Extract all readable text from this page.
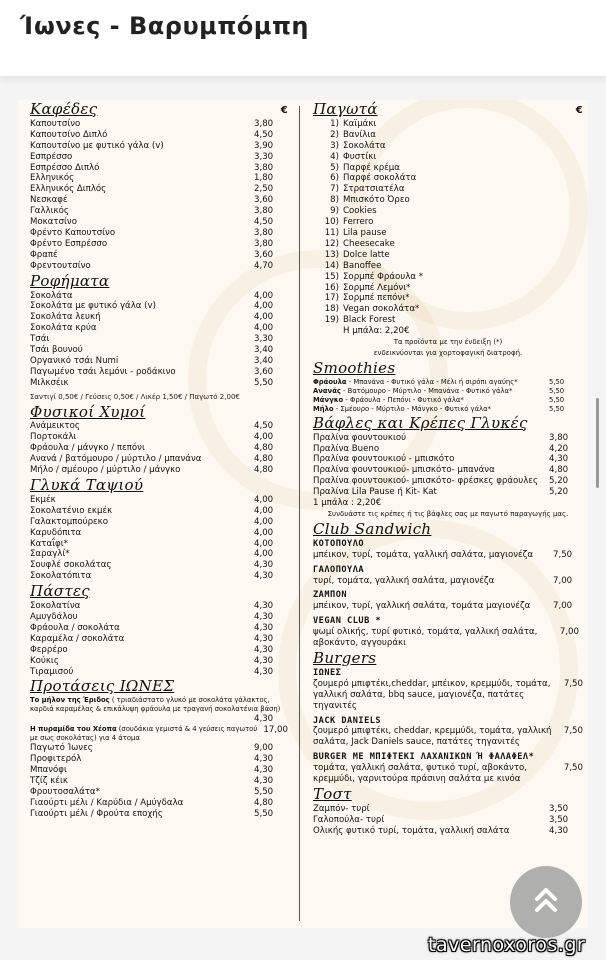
Ίωνες - Βαρυμπόμπη
Καφέδες	€
Καπουτσίνο	3,80
Καπουτσίνο Διπλό	4,50
Καπουτσίνο με φυτικό γάλα (v)	3,90
Εσπρέσσο	3,30
Εσπρέσσο Διπλό	3,80
Ελληνικός	1,80
Ελληνικός Διπλός	2,50
Νεσκαφέ	3,60
Γαλλικός	3,80
Μοκατσίνο	4,50
Φρέντο Καπουτσίνο	3,80
Φρέντο Εσπρέσσο	3,80
Φραπέ	3,60
Φρεντουτσίνο	4,70
Ροφήματα
Σοκολάτα	4,00
Σοκολάτα με φυτικό γάλα (v)	4,00
Σοκολάτα λευκή	4,00
Σοκολάτα κρύα	4,00
Τσάι	3,30
Τσάι βουνού	3,40
Οργανικό τσάι Numi	3,40
Παγωμένο τσάι λεμόνι - ροδάκινο	3,60
Μιλκσέικ	5,50
Σαντιγί 0,50€ / Γεύσεις 0,50€ / Λικέρ 1,50€ / Παγωτό 2,00€
Φυσικοί Χυμοί
Ανάμεικτος	4,50
Πορτοκάλι	4,00
Φράουλα / μάνγκο / πεπόνι	4,80
Ανανά / βατόμουρο / μύρτιλο / μπανάνα	4,80
Μήλο / σμέουρο / μύρτιλο / μάνγκο	4,80
Γλυκά Ταψιού
Εκμέκ	4,00
Σοκολατένιο εκμέκ	4,00
Γαλακτομπούρεκο	4,00
Καρυδόπιτα	4,00
Καταΐφι*	4,00
Σαραγλί*	4,00
Σουφλέ σοκολάτας	4,30
Σοκολατόπιτα	4,30
Πάστες
Σοκολατίνα	4,30
Αμυγδάλου	4,30
Φράουλα / σοκολάτα	4,30
Καραμέλα / σοκολάτα	4,30
Φερρέρο	4,30
Κούκις	4,30
Τιραμισού	4,30
Προτάσεις ΙΩΝΕΣ
Το μήλον της Έριδος ( τριαδιάστατο γλυκό με σοκολάτα γάλακτος, καρδιά καραμέλας & επικάλυψη φράουλα με τραγανή σοκολατένια βάση)
4,30
Η πυραμίδα του Χέοπα (σουδάκια γεμιστά & 4 γεύσεις παγωτού με σως σοκολάτας) για 4 άτομα
17,00
Παγωτό Ίωνες	9,00
Προφιτερόλ	4,30
Μπανόφι	4,30
Τζίζ κέικ	4,30
Φρουτοσαλάτα*	5,50
Γιαούρτι μέλι / Καρύδια / Αμύγδαλα	4,80
Γιαούρτι μέλι / Φρούτα εποχής	5,50
Παγωτά	€
1) Καϊμάκι
2) Βανίλια
3) Σοκολάτα
4) Φυστίκι
5) Παρφέ κρέμα
6) Παρφέ σοκολάτα
7) Στρατσιατέλα
8) Μπισκότο Όρεο
9) Cookies
10) Ferrero
11) Lila pause
12) Cheesecake
13) Dolce latte
14) Banoffee
15) Σορμπέ Φράουλα *
16) Σορμπέ Λεμόνι*
17) Σορμπέ πεπόνι*
18) Vegan σοκολάτα*
19) Black Forest
Η μπάλα: 2,20€
Τα προϊόντα με την ένδειξη (*)
ενδεικνύονται για χορτοφαγική διατροφή.
Smoothies
Φράουλα - Μπανάνα - Φυτικό γάλα - Μέλι ή σιρόπι αγαύης*	5,50
Ανανάς - Βατόμουρο - Μύρτιλο - Μπανάνα - Φυτικό γάλα*	5,50
Μάνγκο - Φράουλα - Πεπόνι - Φυτικό γάλα*	5,50
Μήλο - Σμέουρο - Μύρτιλο - Μάνγκο - Φυτικό γάλα*	5,50
Βάφλες και Κρέπες Γλυκές
Πραλίνα φουντουκιού	3,80
Πραλίνα Bueno	4,20
Πραλίνα φουντουκιού - μπισκότο	4,30
Πραλίνα φουντουκιού- μπισκότο- μπανάνα	4,80
Πραλίνα φουντουκιού- μπισκότο- φρέσκες φράουλες 5,20
Πραλίνα Lila Pause ή Kit- Kat	5,20
1 μπάλα : 2,20€
Συνδυάστε τις κρέπες ή τις βάφλες σας με παγωτό παραγωγής μας.
Club Sandwich
ΚΟΤΟΠΟΥΛΟ
μπέικον, τυρί, τομάτα, γαλλική σαλάτα, μαγιονέζα 7,50
ΓΑΛΟΠΟΥΛΑ
τυρί, τομάτα, γαλλική σαλάτα, μαγιονέζα	7,00
ΖΑΜΠΟΝ
μπέικον, τυρί, γαλλική σαλάτα, τομάτα μαγιονέζα	7,00
VEGAN CLUB *
ψωμί ολικής, τυρί φυτικό, τομάτα, γαλλική σαλάτα, αβοκάντο, αγγουράκι
7,00
Burgers
ΙΩΝΕΣ
ζουμερό μπιφτέκι,cheddar, μπέικον, κρεμμύδι, τομάτα, γαλλική σαλάτα, bbq sauce, μαγιονέζα, πατάτες τηγανιτές
7,50
JACK DANIELS
ζουμερό μπιφτέκι, cheddar, κρεμμύδι, τομάτα, γαλλική σαλάτα, Jack Daniels sauce, πατάτες τηγανιτές
7,50
BURGER ΜΕ ΜΠΙΦΤΕΚΙ ΛΑΧΑΝΙΚΩΝ Ή ΦΑΛΑΦΕΛ*
τομάτα, γαλλική σαλάτα, φυτικό τυρί, αβοκάντο, κρεμμύδι, γαρνιτούρα πράσινη σαλάτα με κινόα
7,50
Τοστ
Ζαμπόν- τυρί	3,50
Γαλοπούλα- τυρί	3,50
Ολικής φυτικό τυρί, τομάτα, γαλλική σαλάτα	4,30
tavernoxoros.gr
